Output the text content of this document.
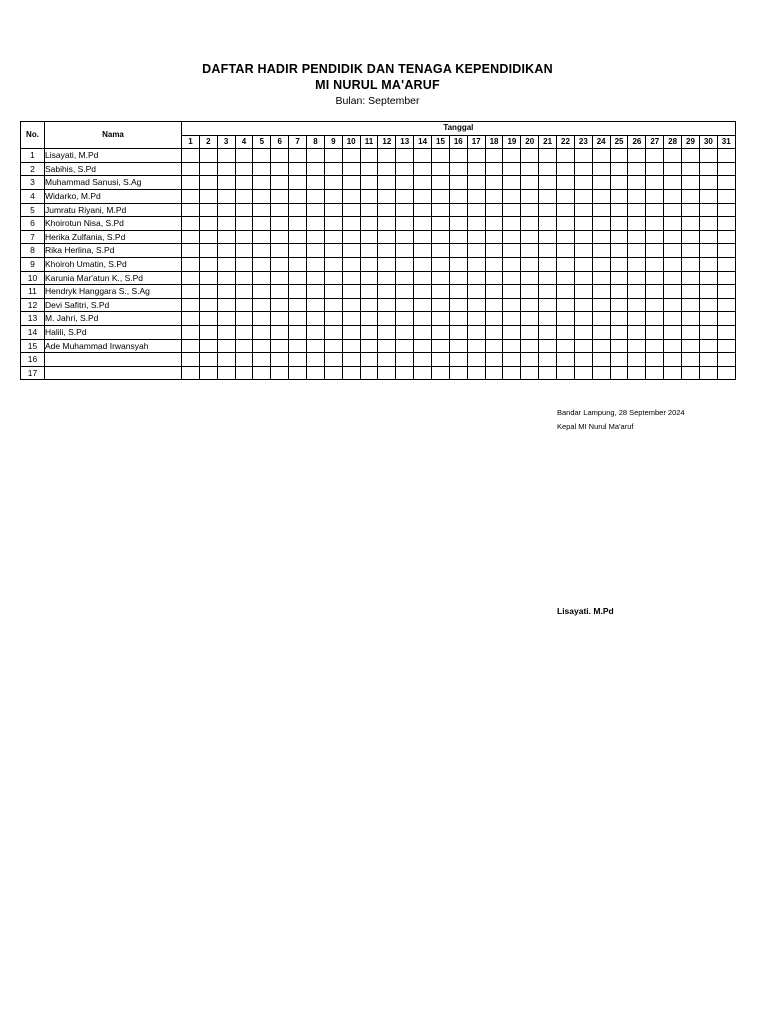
DAFTAR HADIR PENDIDIK DAN TENAGA KEPENDIDIKAN
MI NURUL MA'ARUF
Bulan: September
No.	Nama	Tanggal																														
		1	2	3	4	5	6	7	8	9	10	11	12	13	14	15	16	17	18	19	20	21	22	23	24	25	26	27	28	29	30	31
1	Lisayati, M.Pd																															
2	Sabihis, S.Pd																															
3	Muhammad Sanusi, S.Ag																															
4	Widarko, M.Pd																															
5	Jumratu Riyani, M.Pd																															
6	Khoirotun Nisa, S.Pd																															
7	Herika Zulfania, S.Pd																															
8	Rika Herlina, S.Pd																															
9	Khoiroh Umatin, S.Pd																															
10	Karunia Mar'atun K., S.Pd																															
11	Hendryk Hanggara S., S.Ag																															
12	Devi Safitri, S.Pd																															
13	M. Jahri, S.Pd																															
14	Halili, S.Pd																															
15	Ade Muhammad Irwansyah																															
16																																
17																																
Bandar Lampung, 28 September 2024
Kepal MI Nurul Ma'aruf
Lisayati. M.Pd
